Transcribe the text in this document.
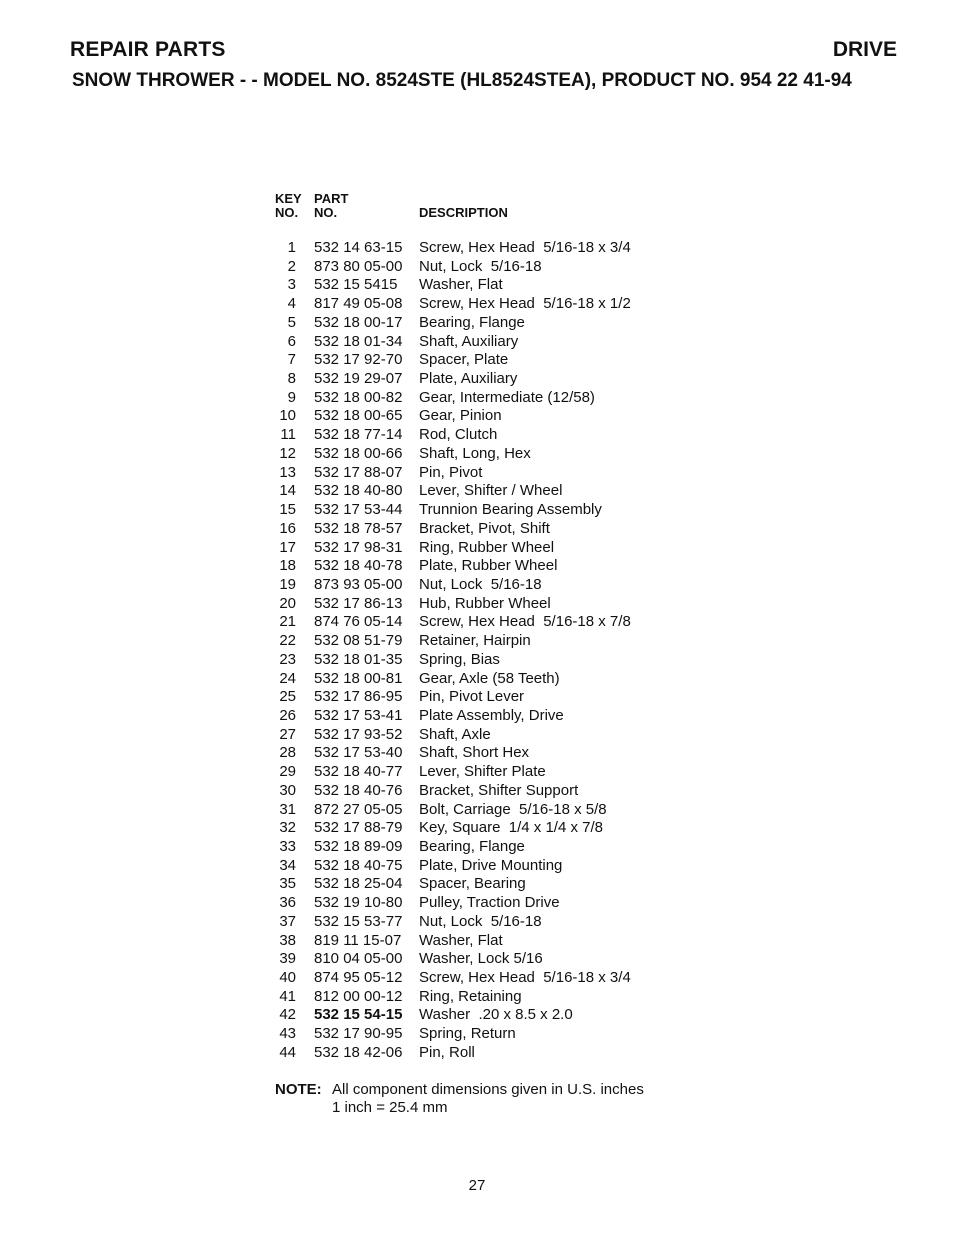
REPAIR PARTS	DRIVE
SNOW THROWER - - MODEL NO. 8524STE (HL8524STEA), PRODUCT NO. 954 22 41-94
KEY
NO.
PART
NO.	DESCRIPTION
1 532 14 63-15	Screw, Hex Head  5/16-18 x 3/4
2 873 80 05-00	Nut, Lock  5/16-18
3 532 15 5415	Washer, Flat
4 817 49 05-08	Screw, Hex Head  5/16-18 x 1/2
5 532 18 00-17	Bearing, Flange
6 532 18 01-34	Shaft, Auxiliary
7 532 17 92-70	Spacer, Plate
8 532 19 29-07	Plate, Auxiliary
9 532 18 00-82	Gear, Intermediate (12/58)
10 532 18 00-65	Gear, Pinion
11 532 18 77-14	Rod, Clutch
12 532 18 00-66	Shaft, Long, Hex
13 532 17 88-07	Pin, Pivot
14 532 18 40-80	Lever, Shifter / Wheel
15 532 17 53-44	Trunnion Bearing Assembly
16 532 18 78-57	Bracket, Pivot, Shift
17 532 17 98-31	Ring, Rubber Wheel
18 532 18 40-78	Plate, Rubber Wheel
19 873 93 05-00	Nut, Lock  5/16-18
20 532 17 86-13	Hub, Rubber Wheel
21 874 76 05-14	Screw, Hex Head  5/16-18 x 7/8
22 532 08 51-79	Retainer, Hairpin
23 532 18 01-35	Spring, Bias
24 532 18 00-81	Gear, Axle (58 Teeth)
25 532 17 86-95	Pin, Pivot Lever
26 532 17 53-41	Plate Assembly, Drive
27 532 17 93-52	Shaft, Axle
28 532 17 53-40	Shaft, Short Hex
29 532 18 40-77	Lever, Shifter Plate
30 532 18 40-76	Bracket, Shifter Support
31 872 27 05-05	Bolt, Carriage  5/16-18 x 5/8
32 532 17 88-79	Key, Square  1/4 x 1/4 x 7/8
33 532 18 89-09	Bearing, Flange
34 532 18 40-75	Plate, Drive Mounting
35 532 18 25-04	Spacer, Bearing
36 532 19 10-80	Pulley, Traction Drive
37 532 15 53-77	Nut, Lock  5/16-18
38 819 11 15-07	Washer, Flat
39 810 04 05-00	Washer, Lock 5/16
40 874 95 05-12	Screw, Hex Head  5/16-18 x 3/4
41 812 00 00-12	Ring, Retaining
42 532 15 54-15	Washer  .20 x 8.5 x 2.0
43 532 17 90-95	Spring, Return
44 532 18 42-06	Pin, Roll
NOTE: All component dimensions given in U.S. inches
1 inch = 25.4 mm
27
